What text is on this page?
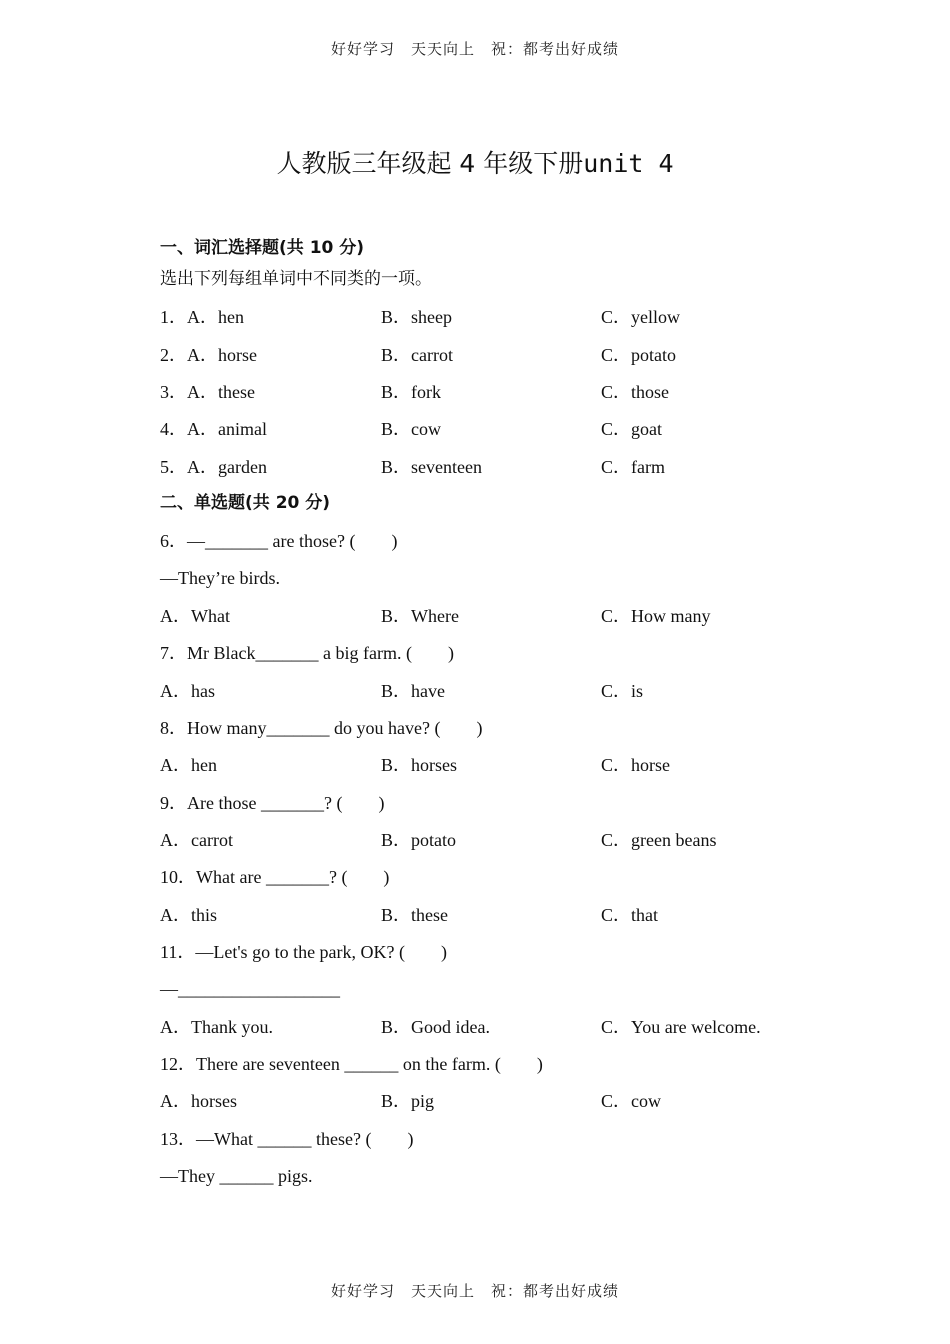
好好学习　天天向上　祝：都考出好成绩
人教版三年级起 4 年级下册unit 4
一、词汇选择题(共 10 分)
选出下列每组单词中不同类的一项。
1．A．hen	B．sheep	C．yellow
2．A．horse	B．carrot	C．potato
3．A．these	B．fork	C．those
4．A．animal	B．cow	C．goat
5．A．garden	B．seventeen	C．farm
二、单选题(共 20 分)
6．—_______ are those? (　　)
—They’re birds.
A．What	B．Where	C．How many
7．Mr Black_______ a big farm. (　　)
A．has	B．have	C．is
8．How many_______ do you have? (　　)
A．hen	B．horses	C．horse
9．Are those _______? (　　)
A．carrot	B．potato	C．green beans
10．What are _______? (　　)
A．this	B．these	C．that
11．—Let's go to the park, OK? (　　)
—__________________
A．Thank you.	B．Good idea.	C．You are welcome.
12．There are seventeen ______ on the farm. (　　)
A．horses	B．pig	C．cow
13．—What ______ these? (　　)
—They ______ pigs.
好好学习　天天向上　祝：都考出好成绩
